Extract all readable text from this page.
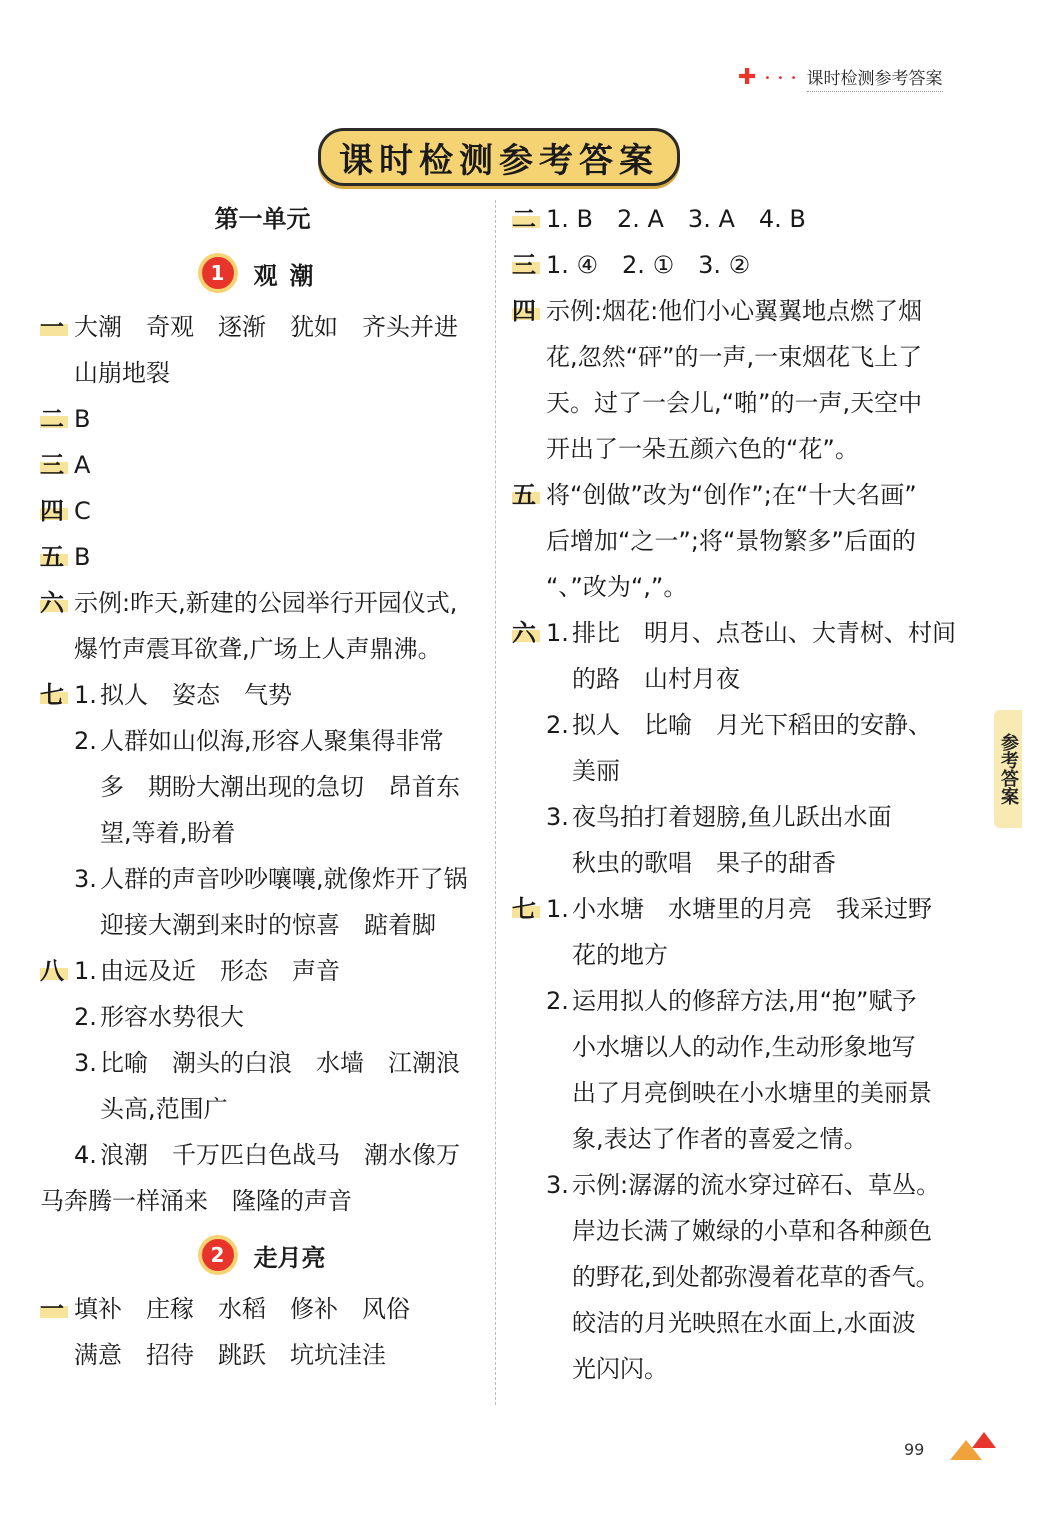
✚ • • • 课时检测参考答案
课时检测参考答案
第一单元
1	观潮
一 大潮　奇观　逐渐　犹如　齐头并进
山崩地裂
二 B
三 A
四 C
五 B
六 示例:昨天,新建的公园举行开园仪式,
爆竹声震耳欲聋,广场上人声鼎沸。
七 1. 拟人　姿态　气势
2. 人群如山似海,形容人聚集得非常
多　期盼大潮出现的急切　昂首东
望,等着,盼着
3. 人群的声音吵吵嚷嚷,就像炸开了锅
迎接大潮到来时的惊喜　踮着脚
八 1. 由远及近　形态　声音
2. 形容水势很大
3. 比喻　潮头的白浪　水墙　江潮浪
头高,范围广
4. 浪潮　千万匹白色战马　潮水像万
马奔腾一样涌来　隆隆的声音
2	走月亮
一 填补　庄稼　水稻　修补　风俗
满意　招待　跳跃　坑坑洼洼
二 1. B　2. A　3. A　4. B
三 1. ④　2. ①　3. ②
四 示例:烟花:他们小心翼翼地点燃了烟
花,忽然“砰”的一声,一束烟花飞上了
天。过了一会儿,“啪”的一声,天空中
开出了一朵五颜六色的“花”。
五 将“创做”改为“创作”;在“十大名画”
后增加“之一”;将“景物繁多”后面的
“、”改为“,”。
六 1. 排比　明月、点苍山、大青树、村间
的路　山村月夜
2. 拟人　比喻　月光下稻田的安静、
美丽
3. 夜鸟拍打着翅膀,鱼儿跃出水面
秋虫的歌唱　果子的甜香
七 1. 小水塘　水塘里的月亮　我采过野
花的地方
2. 运用拟人的修辞方法,用“抱”赋予
小水塘以人的动作,生动形象地写
出了月亮倒映在小水塘里的美丽景
象,表达了作者的喜爱之情。
3. 示例:潺潺的流水穿过碎石、草丛。
岸边长满了嫩绿的小草和各种颜色
的野花,到处都弥漫着花草的香气。
皎洁的月光映照在水面上,水面波
光闪闪。
参考答案
99
